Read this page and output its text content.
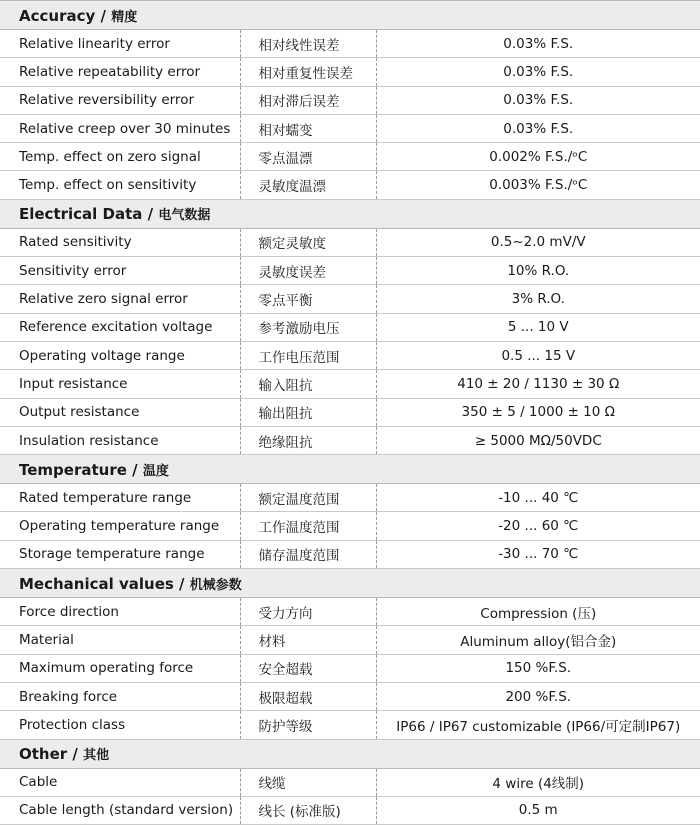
Accuracy / 精度		
Relative linearity error	相对线性误差	0.03% F.S.
Relative repeatability error	相对重复性误差	0.03% F.S.
Relative reversibility error	相对滞后误差	0.03% F.S.
Relative creep over 30 minutes	相对蠕变	0.03% F.S.
Temp. effect on zero signal	零点温漂	0.002% F.S./ᵒC
Temp. effect on sensitivity	灵敏度温漂	0.003% F.S./ᵒC
Electrical Data / 电气数据		
Rated sensitivity	额定灵敏度	0.5~2.0 mV/V
Sensitivity error	灵敏度误差	10% R.O.
Relative zero signal error	零点平衡	3% R.O.
Reference excitation voltage	参考激励电压	5 ... 10 V
Operating voltage range	工作电压范围	0.5 ... 15 V
Input resistance	输入阻抗	410 ± 20 / 1130 ± 30 Ω
Output resistance	输出阻抗	350 ± 5 / 1000 ± 10 Ω
Insulation resistance	绝缘阻抗	≥ 5000 MΩ/50VDC
Temperature / 温度		
Rated temperature range	额定温度范围	-10 ... 40 ℃
Operating temperature range	工作温度范围	-20 ... 60 ℃
Storage temperature range	储存温度范围	-30 ... 70 ℃
Mechanical values / 机械参数		
Force direction	受力方向	Compression (压)
Material	材料	Aluminum alloy(铝合金)
Maximum operating force	安全超载	150 %F.S.
Breaking force	极限超载	200 %F.S.
Protection class	防护等级	IP66 / IP67 customizable (IP66/可定制IP67)
Other / 其他		
Cable	线缆	4 wire (4线制)
Cable length (standard version)	线长 (标准版)	0.5 m
